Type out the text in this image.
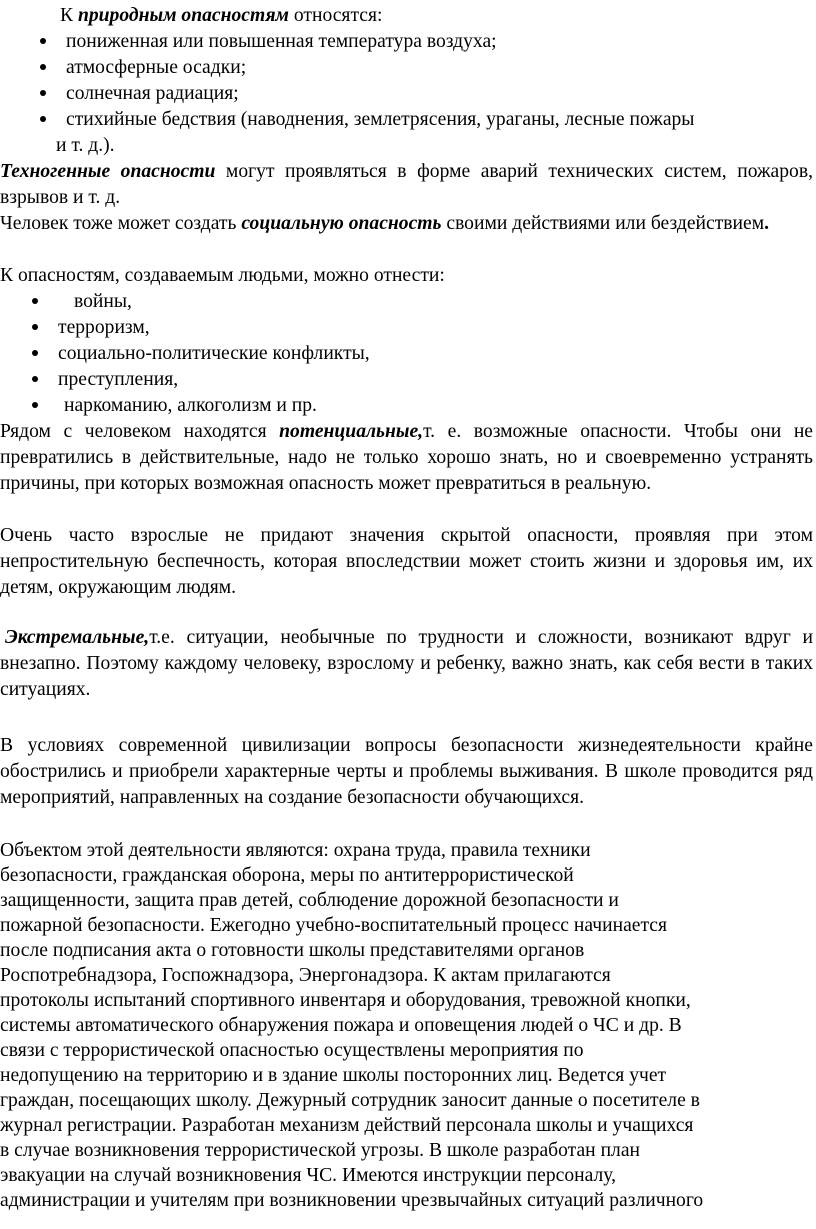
К природным опасностям относятся:

пониженная или повышенная температура воздуха;
атмосферные осадки;
солнечная радиация;
стихийные бедствия (наводнения, землетрясения, ураганы, лесные пожары
и т. д.).

Техногенные опасности могут проявляться в форме аварий технических систем, пожаров, взрывов и т. д.

Человек тоже может создать социальную опасность своими действиями или бездействием.

К опасностям, создаваемым людьми, можно отнести:

войны,
терроризм,
социально-политические конфликты,
преступления,
наркоманию, алкоголизм и пр.

Рядом с человеком находятся потенциальные,т. е. возможные опасности. Чтобы они не превратились в действительные, надо не только хорошо знать, но и своевременно устранять причины, при которых возможная опасность может превратиться в реальную.

Очень часто взрослые не придают значения скрытой опасности, проявляя при этом непростительную беспечность, которая впоследствии может стоить жизни и здоровья им, их детям, окружающим людям.

Экстремальные,т.е. ситуации, необычные по трудности и сложности, возникают вдруг и внезапно. Поэтому каждому человеку, взрослому и ребенку, важно знать, как себя вести в таких ситуациях.

В условиях современной цивилизации вопросы безопасности жизнедеятельности крайне обострились и приобрели характерные черты и проблемы выживания. В школе проводится ряд мероприятий, направленных на создание безопасности обучающихся.

Объектом этой деятельности являются: охрана труда, правила техники
безопасности, гражданская оборона, меры по антитеррористической
защищенности, защита прав детей, соблюдение дорожной безопасности и
пожарной безопасности. Ежегодно учебно-воспитательный процесс начинается
после подписания акта о готовности школы представителями органов
Роспотребнадзора, Госпожнадзора, Энергонадзора. К актам прилагаются
протоколы испытаний спортивного инвентаря и оборудования, тревожной кнопки,
системы автоматического обнаружения пожара и оповещения людей о ЧС и др. В
связи с террористической опасностью осуществлены мероприятия по
недопущению на территорию и в здание школы посторонних лиц. Ведется учет
граждан, посещающих школу. Дежурный сотрудник заносит данные о посетителе в
журнал регистрации. Разработан механизм действий персонала школы и учащихся
в случае возникновения террористической угрозы. В школе разработан план
эвакуации на случай возникновения ЧС. Имеются инструкции персоналу,
администрации и учителям при возникновении чрезвычайных ситуаций различного
